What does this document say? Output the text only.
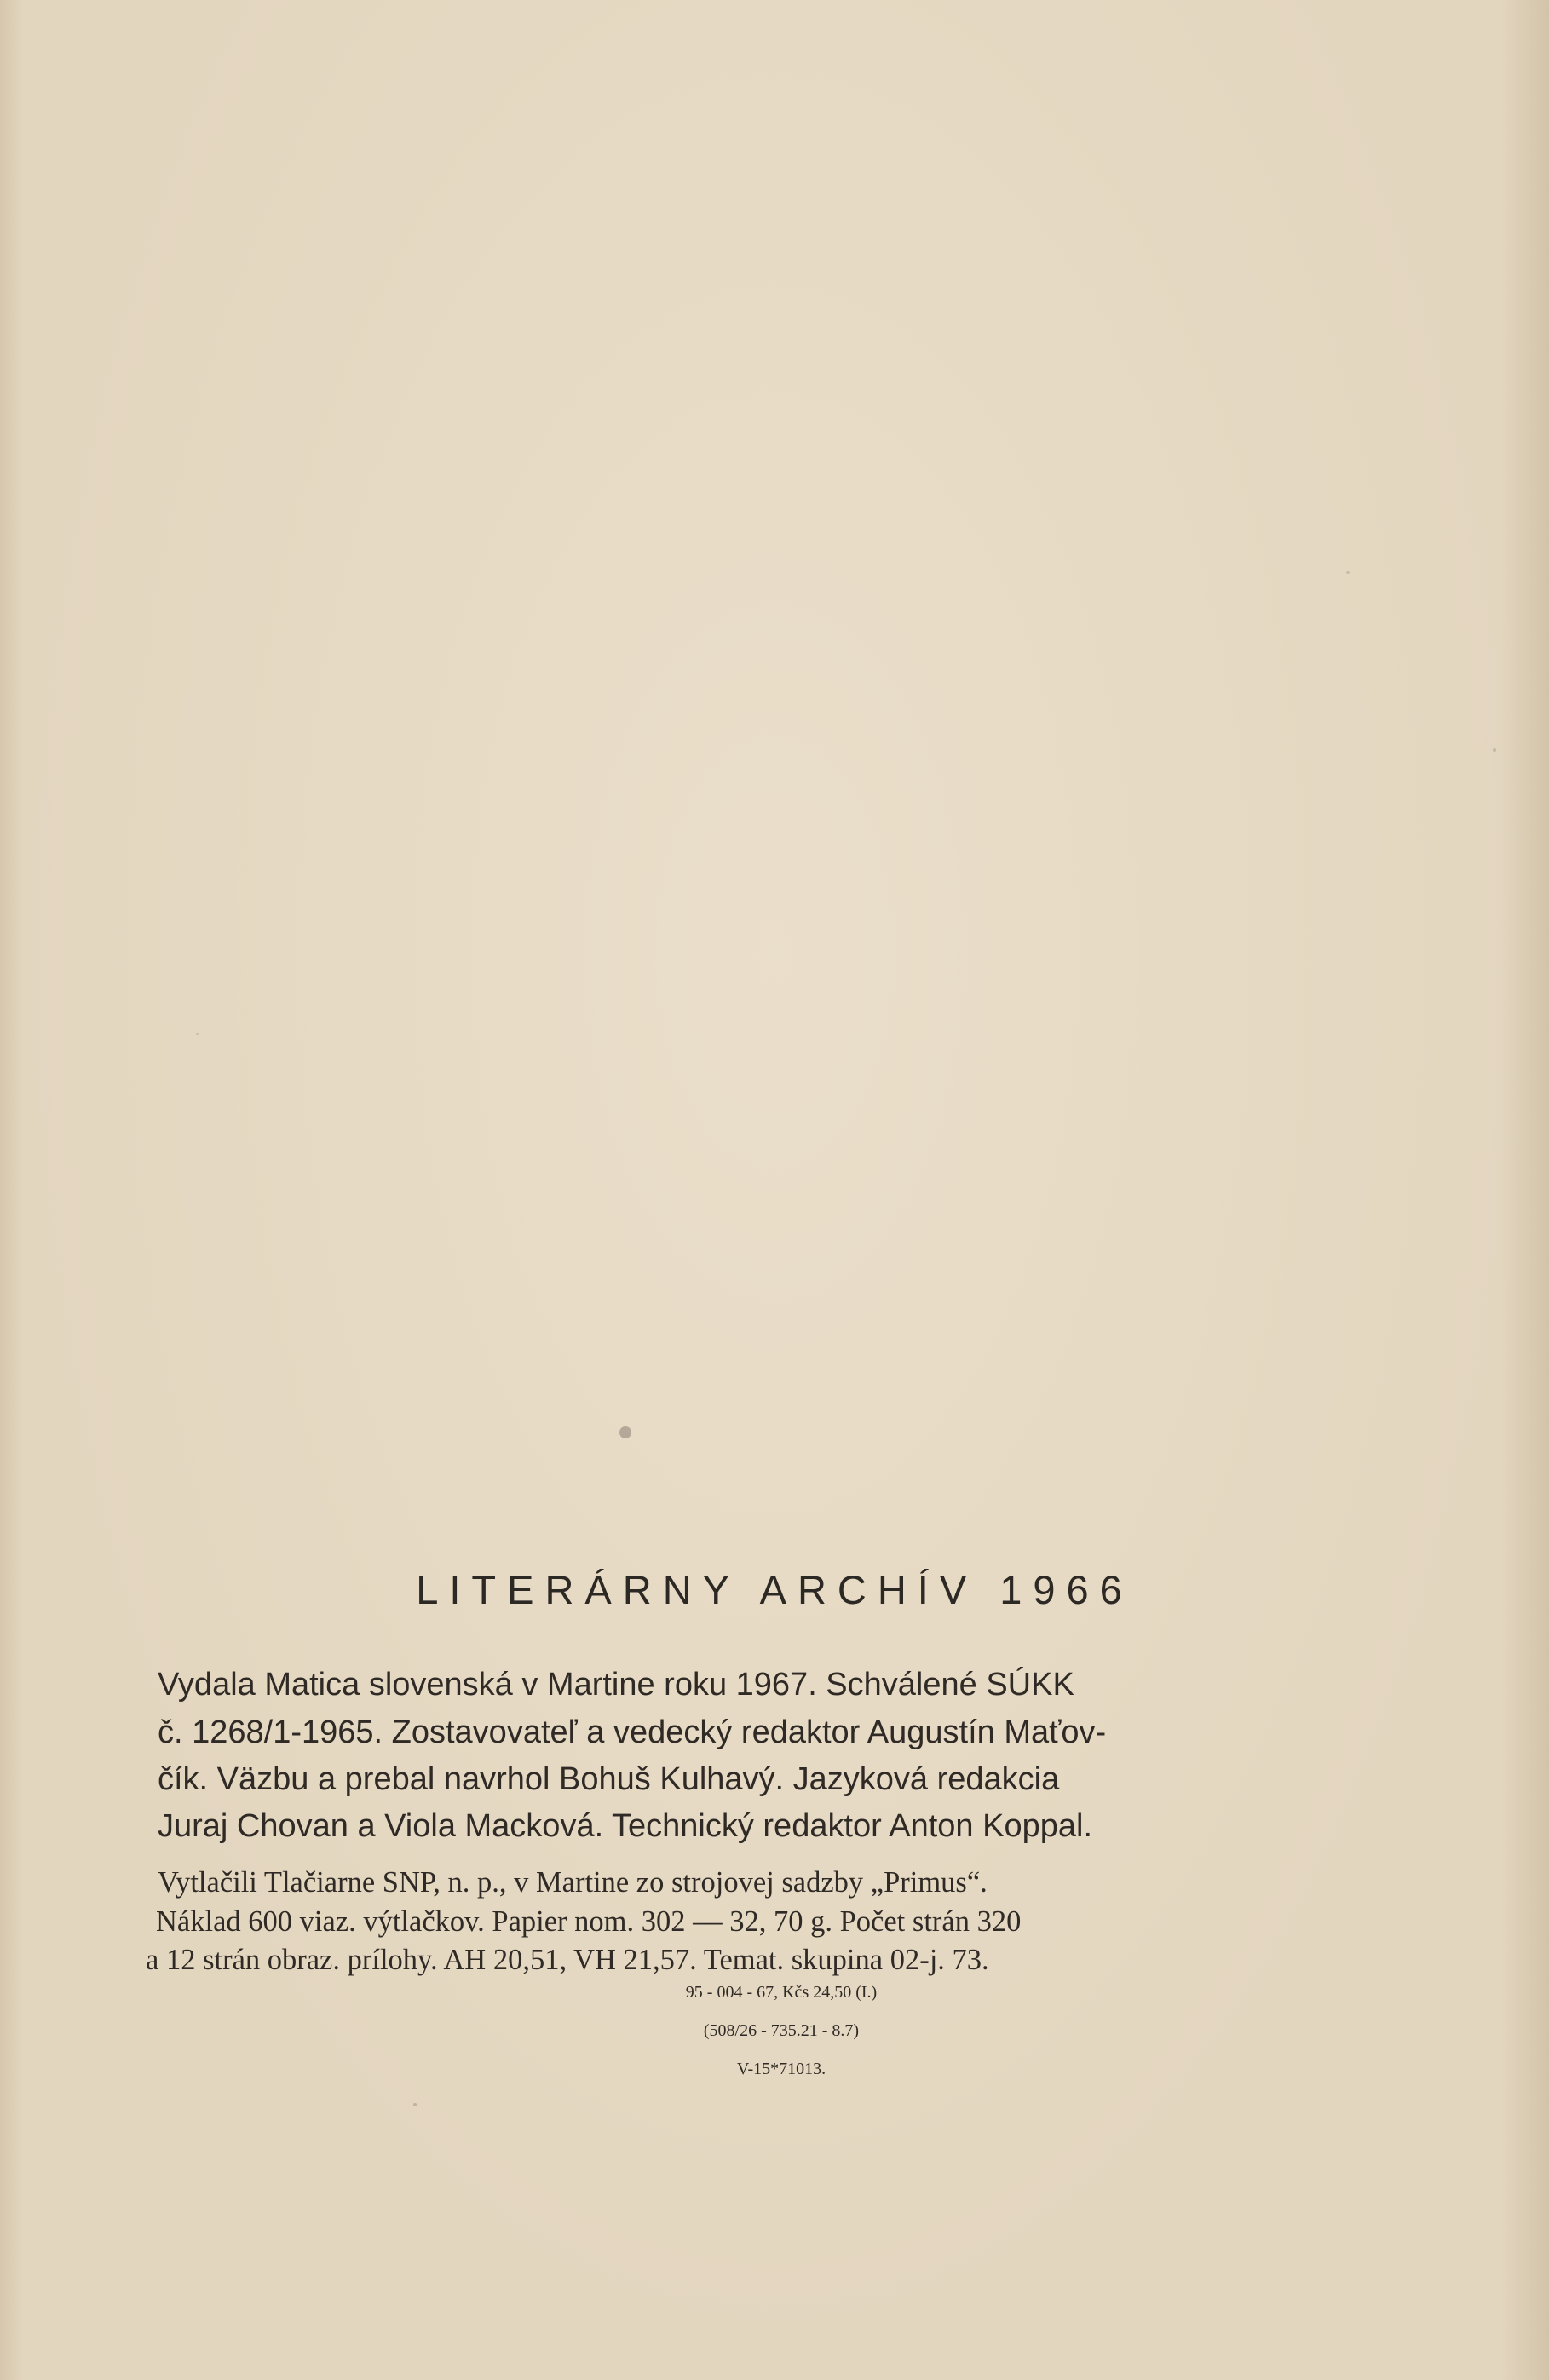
LITERÁRNY ARCHÍV 1966

Vydala Matica slovenská v Martine roku 1967. Schválené SÚKK

č. 1268/1-1965. Zostavovateľ a vedecký redaktor Augustín Maťov-

čík. Väzbu a prebal navrhol Bohuš Kulhavý. Jazyková redakcia

Juraj Chovan a Viola Macková. Technický redaktor Anton Koppal.

Vytlačili Tlačiarne SNP, n. p., v Martine zo strojovej sadzby „Primus“.

Náklad 600 viaz. výtlačkov. Papier nom. 302 — 32, 70 g. Počet strán 320

a 12 strán obraz. prílohy. AH 20,51, VH 21,57. Temat. skupina 02-j. 73.

95 - 004 - 67, Kčs 24,50 (I.)

(508/26 - 735.21 - 8.7)

V-15*71013.
